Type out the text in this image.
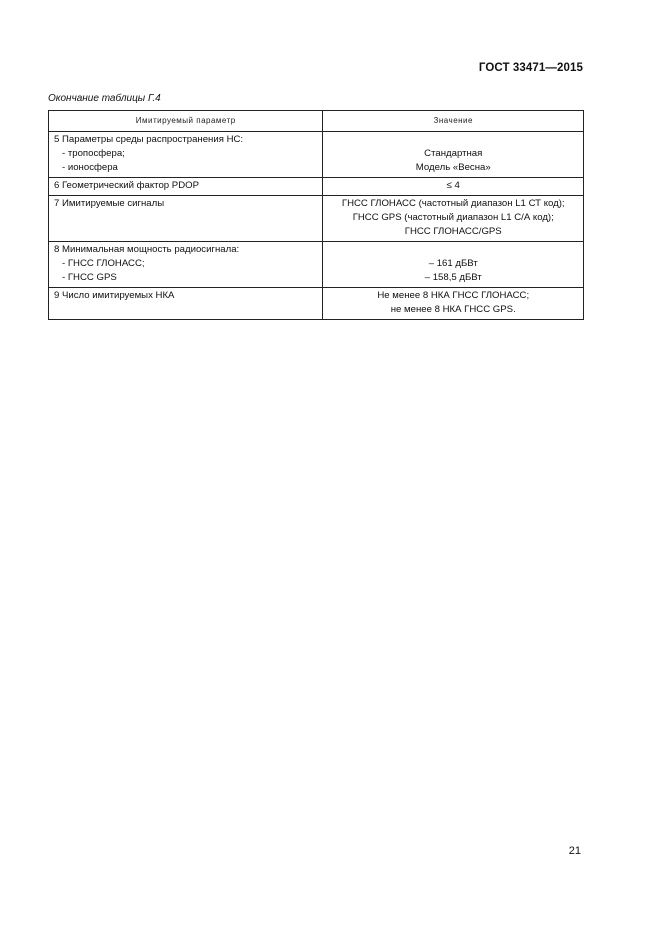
ГОСТ 33471—2015
Окончание таблицы Г.4
Имитируемый параметр	Значение

5 Параметры среды распространения НС:
- тропосфера;
- ионосфера	Стандартная
Модель «Весна»

6 Геометрический фактор PDOP	≤ 4

7 Имитируемые сигналы	ГНСС ГЛОНАСС (частотный диапазон L1 СТ код);
ГНСС GPS (частотный диапазон L1 С/А код);
ГНСС ГЛОНАСС/GPS

8 Минимальная мощность радиосигнала:
- ГНСС ГЛОНАСС;
- ГНСС GPS	– 161 дБВт
– 158,5 дБВт

9 Число имитируемых НКА	Не менее 8 НКА ГНСС ГЛОНАСС;
не менее 8 НКА ГНСС GPS.
21
